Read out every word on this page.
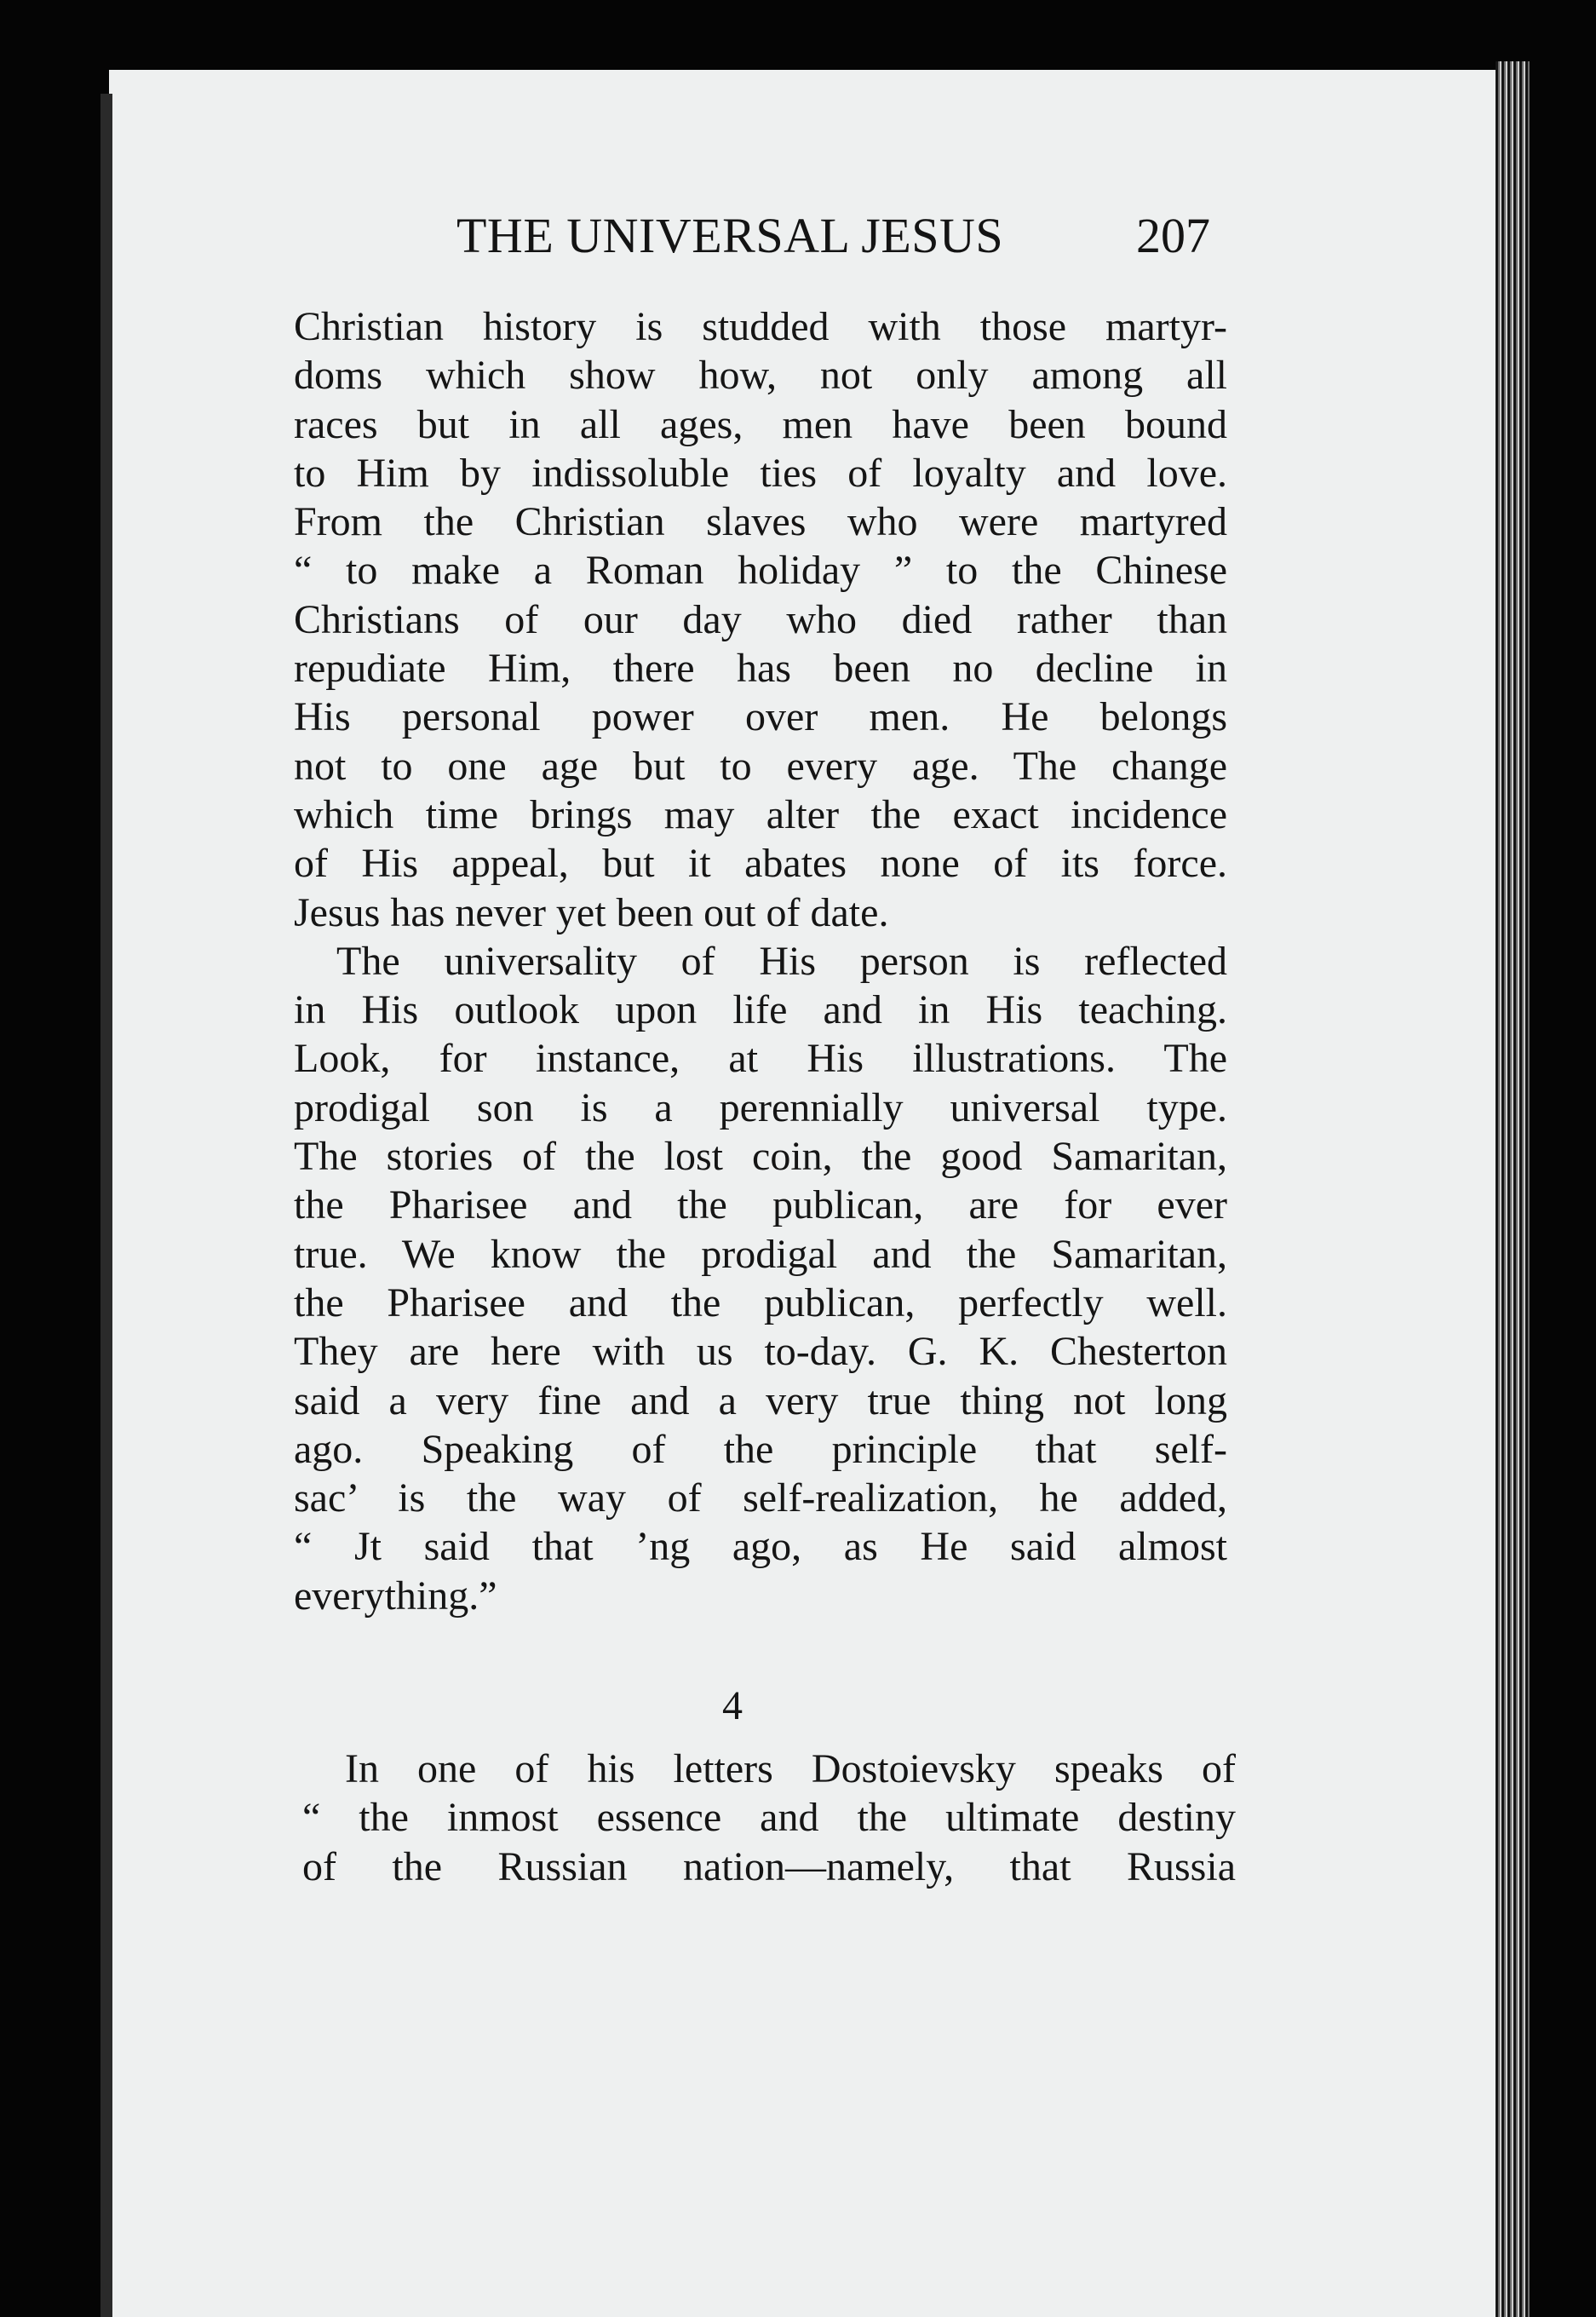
THE UNIVERSAL JESUS	207
Christian history is studded with those martyr-
doms which show how, not only among all
races but in all ages, men have been bound
to Him by indissoluble ties of loyalty and love.
From the Christian slaves who were martyred
“ to make a Roman holiday ” to the Chinese
Christians of our day who died rather than
repudiate Him, there has been no decline in
His personal power over men. He belongs
not to one age but to every age. The change
which time brings may alter the exact incidence
of His appeal, but it abates none of its force.
Jesus has never yet been out of date.
The universality of His person is reflected
in His outlook upon life and in His teaching.
Look, for instance, at His illustrations. The
prodigal son is a perennially universal type.
The stories of the lost coin, the good Samaritan,
the Pharisee and the publican, are for ever
true. We know the prodigal and the Samaritan,
the Pharisee and the publican, perfectly well.
They are here with us to-day. G. K. Chesterton
said a very fine and a very true thing not long
ago. Speaking of the principle that self-
sac’ is the way of self-realization, he added,
“ Jt said that ’ng ago, as He said almost
everything.”
4
In one of his letters Dostoievsky speaks of
“ the inmost essence and the ultimate destiny
of the Russian nation—namely, that Russia
